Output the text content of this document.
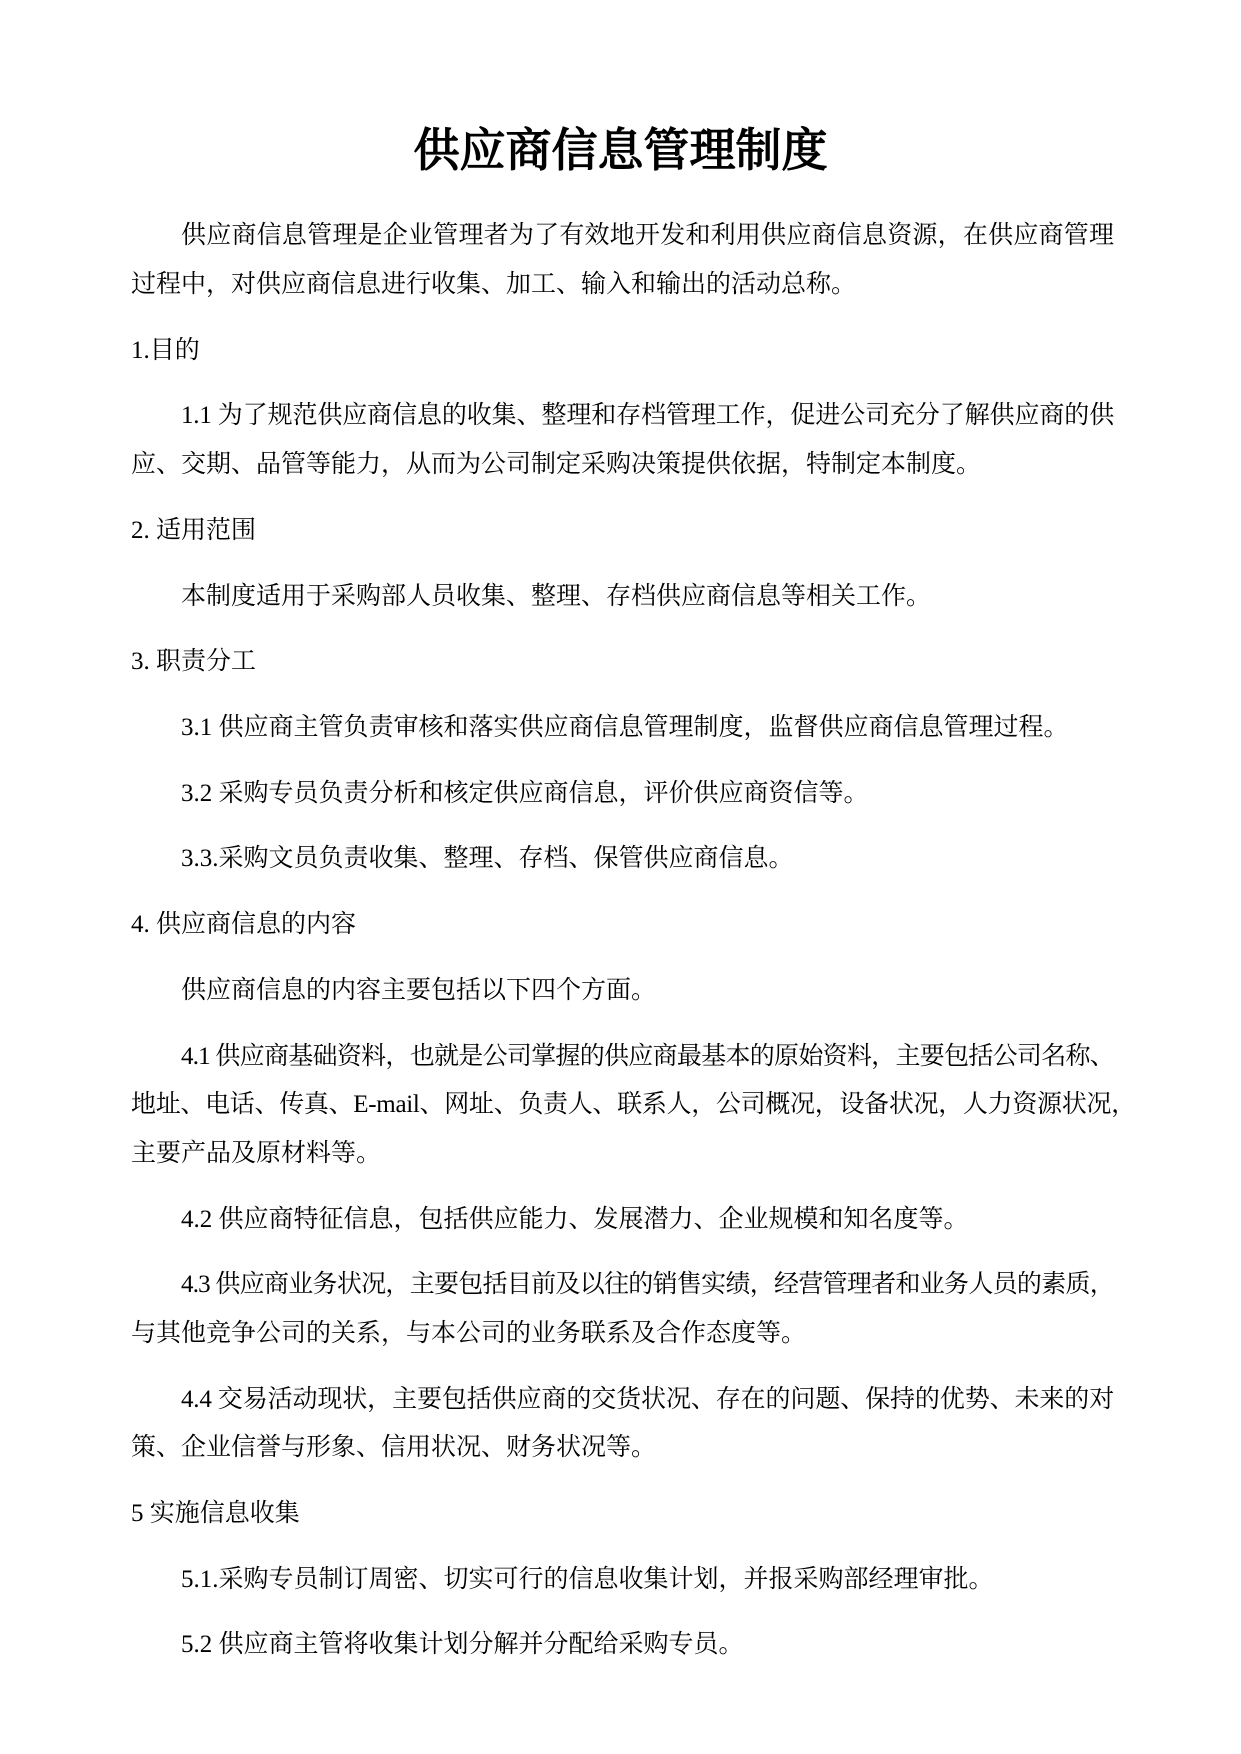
供应商信息管理制度
供应商信息管理是企业管理者为了有效地开发和利用供应商信息资源，在供应商管理
过程中，对供应商信息进行收集、加工、输入和输出的活动总称。
1.目的
1.1 为了规范供应商信息的收集、整理和存档管理工作，促进公司充分了解供应商的供
应、交期、品管等能力，从而为公司制定采购决策提供依据，特制定本制度。
2. 适用范围
本制度适用于采购部人员收集、整理、存档供应商信息等相关工作。
3. 职责分工
3.1 供应商主管负责审核和落实供应商信息管理制度，监督供应商信息管理过程。
3.2 采购专员负责分析和核定供应商信息，评价供应商资信等。
3.3.采购文员负责收集、整理、存档、保管供应商信息。
4. 供应商信息的内容
供应商信息的内容主要包括以下四个方面。
4.1 供应商基础资料，也就是公司掌握的供应商最基本的原始资料，主要包括公司名称、
地址、电话、传真、E-mail、网址、负责人、联系人，公司概况，设备状况，人力资源状况，
主要产品及原材料等。
4.2 供应商特征信息，包括供应能力、发展潜力、企业规模和知名度等。
4.3 供应商业务状况，主要包括目前及以往的销售实绩，经营管理者和业务人员的素质，
与其他竞争公司的关系，与本公司的业务联系及合作态度等。
4.4 交易活动现状，主要包括供应商的交货状况、存在的问题、保持的优势、未来的对
策、企业信誉与形象、信用状况、财务状况等。
5 实施信息收集
5.1.采购专员制订周密、切实可行的信息收集计划，并报采购部经理审批。
5.2 供应商主管将收集计划分解并分配给采购专员。
